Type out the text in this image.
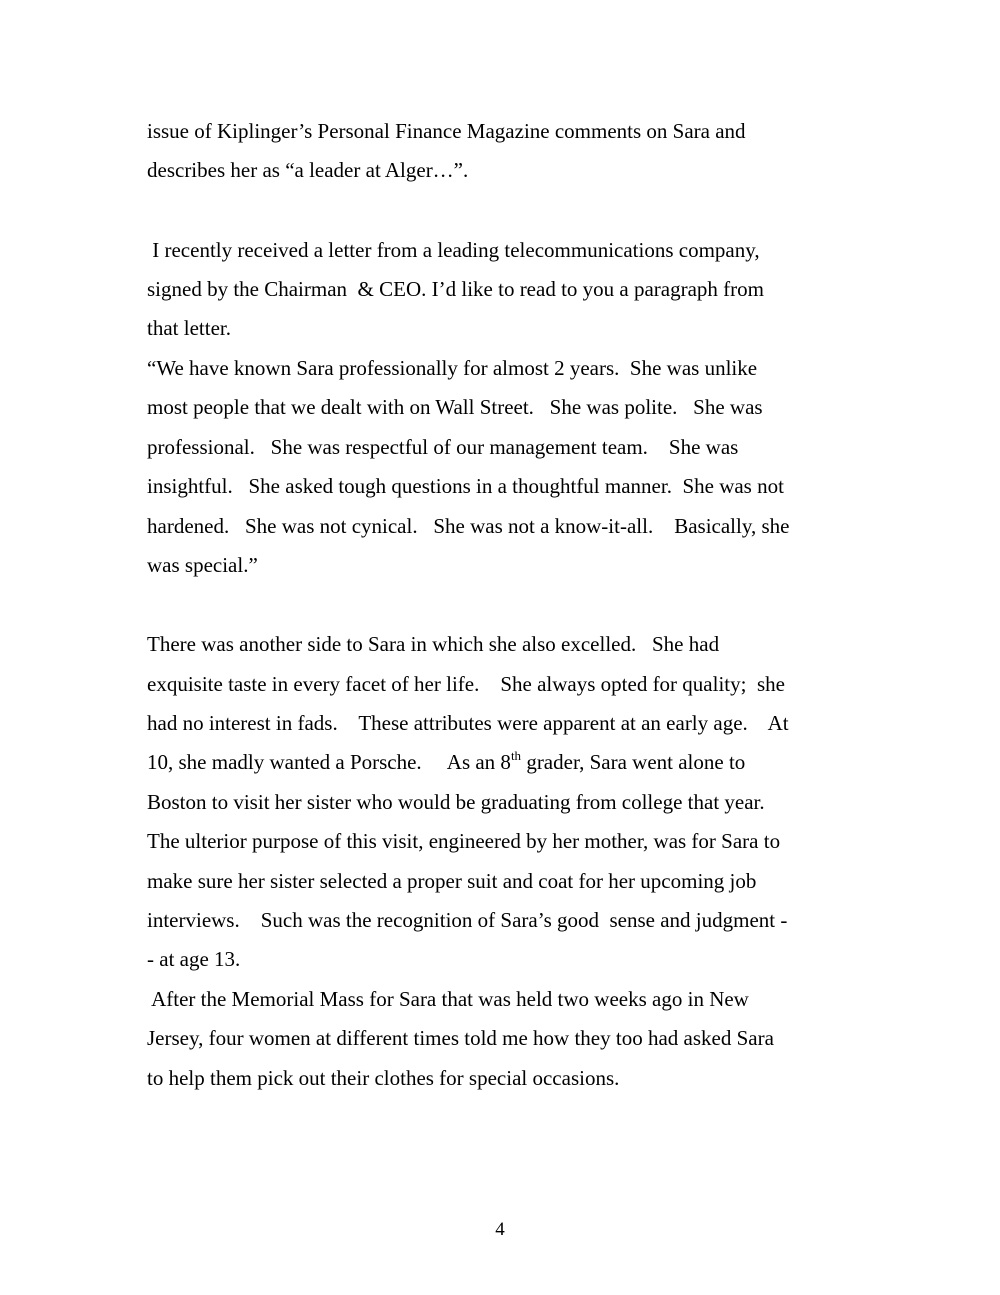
issue of Kiplinger’s Personal Finance Magazine comments on Sara and
describes her as “a leader at Alger…”.
I recently received a letter from a leading telecommunications company,
signed by the Chairman  & CEO. I’d like to read to you a paragraph from
that letter.
“We have known Sara professionally for almost 2 years.  She was unlike
most people that we dealt with on Wall Street.   She was polite.   She was
professional.   She was respectful of our management team.    She was
insightful.   She asked tough questions in a thoughtful manner.  She was not
hardened.   She was not cynical.   She was not a know-it-all.    Basically, she
was special.”
There was another side to Sara in which she also excelled.   She had
exquisite taste in every facet of her life.    She always opted for quality;  she
had no interest in fads.    These attributes were apparent at an early age.    At
10, she madly wanted a Porsche.     As an 8th grader, Sara went alone to
Boston to visit her sister who would be graduating from college that year.
The ulterior purpose of this visit, engineered by her mother, was for Sara to
make sure her sister selected a proper suit and coat for her upcoming job
interviews.    Such was the recognition of Sara’s good  sense and judgment -
- at age 13.
After the Memorial Mass for Sara that was held two weeks ago in New
Jersey, four women at different times told me how they too had asked Sara
to help them pick out their clothes for special occasions.
4
